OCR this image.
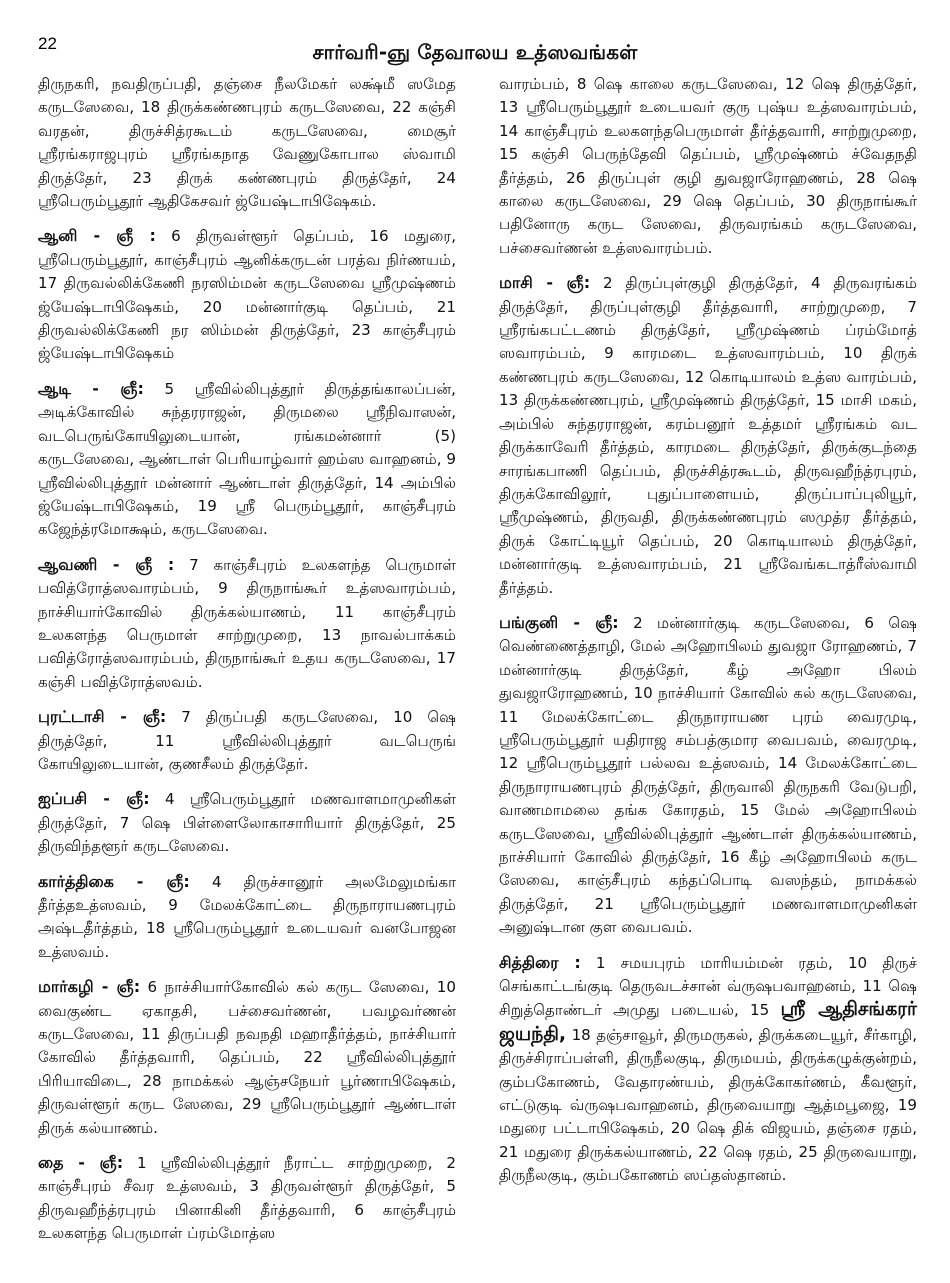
22	சார்வரி-ஞு தேவாலய உத்ஸவங்கள்

திருநகரி, நவதிருப்பதி, தஞ்சை நீலமேகர் லக்ஷ்மீ ஸமேத கருடஸேவை, 18 திருக்கண்ணபுரம் கருடஸேவை, 22 கஞ்சி வரதன், திருச்சித்ரகூடம் கருடஸேவை, மைசூர் ஸ்ரீரங்கராஜபுரம் ஸ்ரீரங்கநாத வேணுகோபால ஸ்வாமி திருத்தேர், 23 திருக் கண்ணபுரம் திருத்தேர், 24 ஸ்ரீபெரும்பூதூர் ஆதிகேசவர் ஜ்யேஷ்டாபிஷேகம்.

ஆனி - ஞீ : 6 திருவள்ளூர் தெப்பம், 16 மதுரை, ஸ்ரீபெரும்பூதூர், காஞ்சீபுரம் ஆனிக்கருடன் பரத்வ நிர்ணயம், 17 திருவல்லிக்கேணி நரஸிம்மன் கருடஸேவை ஸ்ரீமுஷ்ணம் ஜ்யேஷ்டாபிஷேகம், 20 மன்னார்குடி தெப்பம், 21 திருவல்லிக்கேணி நர ஸிம்மன் திருத்தேர், 23 காஞ்சீபுரம் ஜ்யேஷ்டாபிஷேகம்

ஆடி - ஞீ: 5 ஸ்ரீவில்லிபுத்தூர் திருத்தங்காலப்பன், அடிக்கோவில் சுந்தரராஜன், திருமலை ஸ்ரீநிவாஸன், வடபெருங்கோயிலுடையான், ரங்கமன்னார் (5) கருடஸேவை, ஆண்டாள் பெரியாழ்வார் ஹம்ஸ வாஹனம், 9 ஸ்ரீவில்லிபுத்தூர் மன்னார் ஆண்டாள் திருத்தேர், 14 அம்பில் ஜ்யேஷ்டாபிஷேகம், 19 ஸ்ரீ பெரும்பூதூர், காஞ்சீபுரம் கஜேந்த்ரமோக்ஷம், கருடஸேவை.

ஆவணி - ஞீ : 7 காஞ்சீபுரம் உலகளந்த பெருமாள் பவித்ரோத்ஸவாரம்பம், 9 திருநாங்கூர் உத்ஸவாரம்பம், நாச்சியார்கோவில் திருக்கல்யாணம், 11 காஞ்சீபுரம் உலகளந்த பெருமாள் சாற்றுமுறை, 13 நாவல்பாக்கம் பவித்ரோத்ஸவாரம்பம், திருநாங்கூர் உதய கருடஸேவை, 17 கஞ்சி பவித்ரோத்ஸவம்.

புரட்டாசி - ஞீ: 7 திருப்பதி கருடஸேவை, 10 ஷெ திருத்தேர், 11 ஸ்ரீவில்லிபுத்தூர் வடபெருங் கோயிலுடையான், குணசீலம் திருத்தேர்.

ஐப்பசி - ஞீ: 4 ஸ்ரீபெரும்பூதூர் மணவாளமாமுனிகள் திருத்தேர், 7 ஷெ பிள்ளைலோகாசாரியார் திருத்தேர், 25 திருவிந்தளூர் கருடஸேவை.

கார்த்திகை - ஞீ: 4 திருச்சானூர் அலமேலுமங்கா தீர்த்தஉத்ஸவம், 9 மேலக்கோட்டை திருநாராயணபுரம் அஷ்டதீர்த்தம், 18 ஸ்ரீபெரும்பூதூர் உடையவர் வனபோஜன உத்ஸவம்.

மார்கழி - ஞீ: 6 நாச்சியார்கோவில் கல் கருட ஸேவை, 10 வைகுண்ட ஏகாதசி, பச்சைவர்ணன், பவழவர்ணன் கருடஸேவை, 11 திருப்பதி நவநதி மஹாதீர்த்தம், நாச்சியார் கோவில் தீர்த்தவாரி, தெப்பம், 22 ஸ்ரீவில்லிபுத்தூர் பிரியாவிடை, 28 நாமக்கல் ஆஞ்சநேயர் பூர்ணாபிஷேகம், திருவள்ளூர் கருட ஸேவை, 29 ஸ்ரீபெரும்பூதூர் ஆண்டாள் திருக் கல்யாணம்.

தை - ஞீ: 1 ஸ்ரீவில்லிபுத்தூர் நீராட்ட சாற்றுமுறை, 2 காஞ்சீபுரம் சீவர உத்ஸவம், 3 திருவள்ளூர் திருத்தேர், 5 திருவஹீந்த்ரபுரம் பினாகினி தீர்த்தவாரி, 6 காஞ்சீபுரம் உலகளந்த பெருமாள் ப்ரம்மோத்ஸ

வாரம்பம், 8 ஷெ காலை கருடஸேவை, 12 ஷெ திருத்தேர், 13 ஸ்ரீபெரும்பூதூர் உடையவர் குரு புஷ்ய உத்ஸவாரம்பம், 14 காஞ்சீபுரம் உலகளந்தபெருமாள் தீர்த்தவாரி, சாற்றுமுறை, 15 கஞ்சி பெருந்தேவி தெப்பம், ஸ்ரீமுஷ்ணம் ச்வேதநதி தீர்த்தம், 26 திருப்புள் குழி துவஜாரோஹணம், 28 ஷெ காலை கருடஸேவை, 29 ஷெ தெப்பம், 30 திருநாங்கூர் பதினோரு கருட ஸேவை, திருவரங்கம் கருடஸேவை, பச்சைவர்ணன் உத்ஸவாரம்பம்.

மாசி - ஞீ: 2 திருப்புள்குழி திருத்தேர், 4 திருவரங்கம் திருத்தேர், திருப்புள்குழி தீர்த்தவாரி, சாற்றுமுறை, 7 ஸ்ரீரங்கபட்டணம் திருத்தேர், ஸ்ரீமுஷ்ணம் ப்ரம்மோத் ஸவாரம்பம், 9 காரமடை உத்ஸவாரம்பம், 10 திருக் கண்ணபுரம் கருடஸேவை, 12 கொடியாலம் உத்ஸ வாரம்பம், 13 திருக்கண்ணபுரம், ஸ்ரீமுஷ்ணம் திருத்தேர், 15 மாசி மகம், அம்பில் சுந்தரராஜன், கரம்பனூர் உத்தமர் ஸ்ரீரங்கம் வட திருக்காவேரி தீர்த்தம், காரமடை திருத்தேர், திருக்குடந்தை சாரங்கபாணி தெப்பம், திருச்சித்ரகூடம், திருவஹீந்த்ரபுரம், திருக்கோவிலூர், புதுப்பாளையம், திருப்பாப்புலியூர், ஸ்ரீமுஷ்ணம், திருவதி, திருக்கண்ணபுரம் ஸமுத்ர தீர்த்தம், திருக் கோட்டியூர் தெப்பம், 20 கொடியாலம் திருத்தேர், மன்னார்குடி உத்ஸவாரம்பம், 21 ஸ்ரீவேங்கடாத்ரீஸ்வாமி தீர்த்தம்.

பங்குனி - ஞீ: 2 மன்னார்குடி கருடஸேவை, 6 ஷெ வெண்ணைத்தாழி, மேல் அஹோபிலம் துவஜா ரோஹணம், 7 மன்னார்குடி திருத்தேர், கீழ் அஹோ பிலம் துவஜாரோஹணம், 10 நாச்சியார் கோவில் கல் கருடஸேவை, 11 மேலக்கோட்டை திருநாராயண புரம் வைரமுடி, ஸ்ரீபெரும்பூதூர் யதிராஜ சம்பத்குமார வைபவம், வைரமுடி, 12 ஸ்ரீபெரும்பூதூர் பல்லவ உத்ஸவம், 14 மேலக்கோட்டை திருநாராயணபுரம் திருத்தேர், திருவாலி திருநகரி வேடுபறி, வாணமாமலை தங்க கோரதம், 15 மேல் அஹோபிலம் கருடஸேவை, ஸ்ரீவில்லிபுத்தூர் ஆண்டாள் திருக்கல்யாணம், நாச்சியார் கோவில் திருத்தேர், 16 கீழ் அஹோபிலம் கருட ஸேவை, காஞ்சீபுரம் கந்தப்பொடி வஸந்தம், நாமக்கல் திருத்தேர், 21 ஸ்ரீபெரும்பூதூர் மணவாளமாமுனிகள் அனுஷ்டான குள வைபவம்.

சித்திரை : 1 சமயபுரம் மாரியம்மன் ரதம், 10 திருச் செங்காட்டங்குடி தெருவடச்சான் வ்ருஷபவாஹனம், 11 ஷெ சிறுத்தொண்டர் அமுது படையல், 15 ஸ்ரீ ஆதிசங்கரர் ஜயந்தி, 18 தஞ்சாவூர், திருமருகல், திருக்கடையூர், சீர்காழி, திருச்சிராப்பள்ளி, திருநீலகுடி, திருமயம், திருக்கழுக்குன்றம், கும்பகோணம், வேதாரண்யம், திருக்கோகர்ணம், கீவளூர், எட்டுகுடி வ்ருஷபவாஹனம், திருவையாறு ஆத்மபூஜை, 19 மதுரை பட்டாபிஷேகம், 20 ஷெ திக் விஜயம், தஞ்சை ரதம், 21 மதுரை திருக்கல்யாணம், 22 ஷெ ரதம், 25 திருவையாறு, திருநீலகுடி, கும்பகோணம் ஸப்தஸ்தானம்.
